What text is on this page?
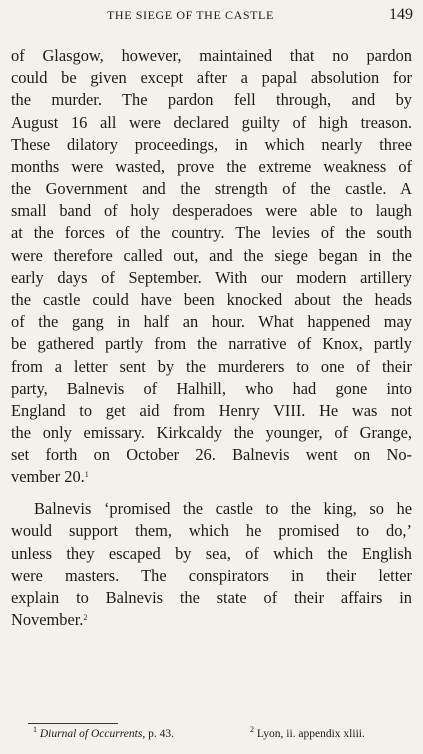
THE SIEGE OF THE CASTLE	149
of Glasgow, however, maintained that no pardon
could be given except after a papal absolution for
the murder. The pardon fell through, and by
August 16 all were declared guilty of high treason.
These dilatory proceedings, in which nearly three
months were wasted, prove the extreme weakness of
the Government and the strength of the castle. A
small band of holy desperadoes were able to laugh
at the forces of the country. The levies of the south
were therefore called out, and the siege began in the
early days of September. With our modern artillery
the castle could have been knocked about the heads
of the gang in half an hour. What happened may
be gathered partly from the narrative of Knox, partly
from a letter sent by the murderers to one of their
party, Balnevis of Halhill, who had gone into
England to get aid from Henry VIII. He was not
the only emissary. Kirkcaldy the younger, of Grange,
set forth on October 26. Balnevis went on No-
vember 20.$^1$
Balnevis ‘promised the castle to the king, so he
would support them, which he promised to do,’
unless they escaped by sea, of which the English
were masters. The conspirators in their letter
explain to Balnevis the state of their affairs in
November.$^2$
$^1$ Diurnal of Occurrents, p. 43.	$^2$ Lyon, ii. appendix xliii.
